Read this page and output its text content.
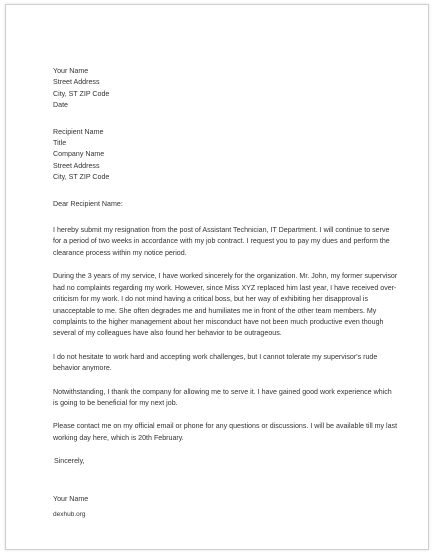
Your Name
Street Address
City, ST ZIP Code
Date
Recipient Name
Title
Company Name
Street Address
City, ST ZIP Code
Dear Recipient Name:

I hereby submit my resignation from the post of Assistant Technician, IT Department. I will continue to serve for a period of two weeks in accordance with my job contract. I request you to pay my dues and perform the clearance process within my notice period.

During the 3 years of my service, I have worked sincerely for the organization. Mr. John, my former supervisor had no complaints regarding my work. However, since Miss XYZ replaced him last year, I have received over-criticism for my work. I do not mind having a critical boss, but her way of exhibiting her disapproval is unacceptable to me. She often degrades me and humiliates me in front of the other team members. My complaints to the higher management about her misconduct have not been much productive even though several of my colleagues have also found her behavior to be outrageous.

I do not hesitate to work hard and accepting work challenges, but I cannot tolerate my supervisor's rude behavior anymore.

Notwithstanding, I thank the company for allowing me to serve it. I have gained good work experience which is going to be beneficial for my next job.

Please contact me on my official email or phone for any questions or discussions. I will be available till my last working day here, which is 20th February.

Sincerely,
Your Name
dexhub.org
